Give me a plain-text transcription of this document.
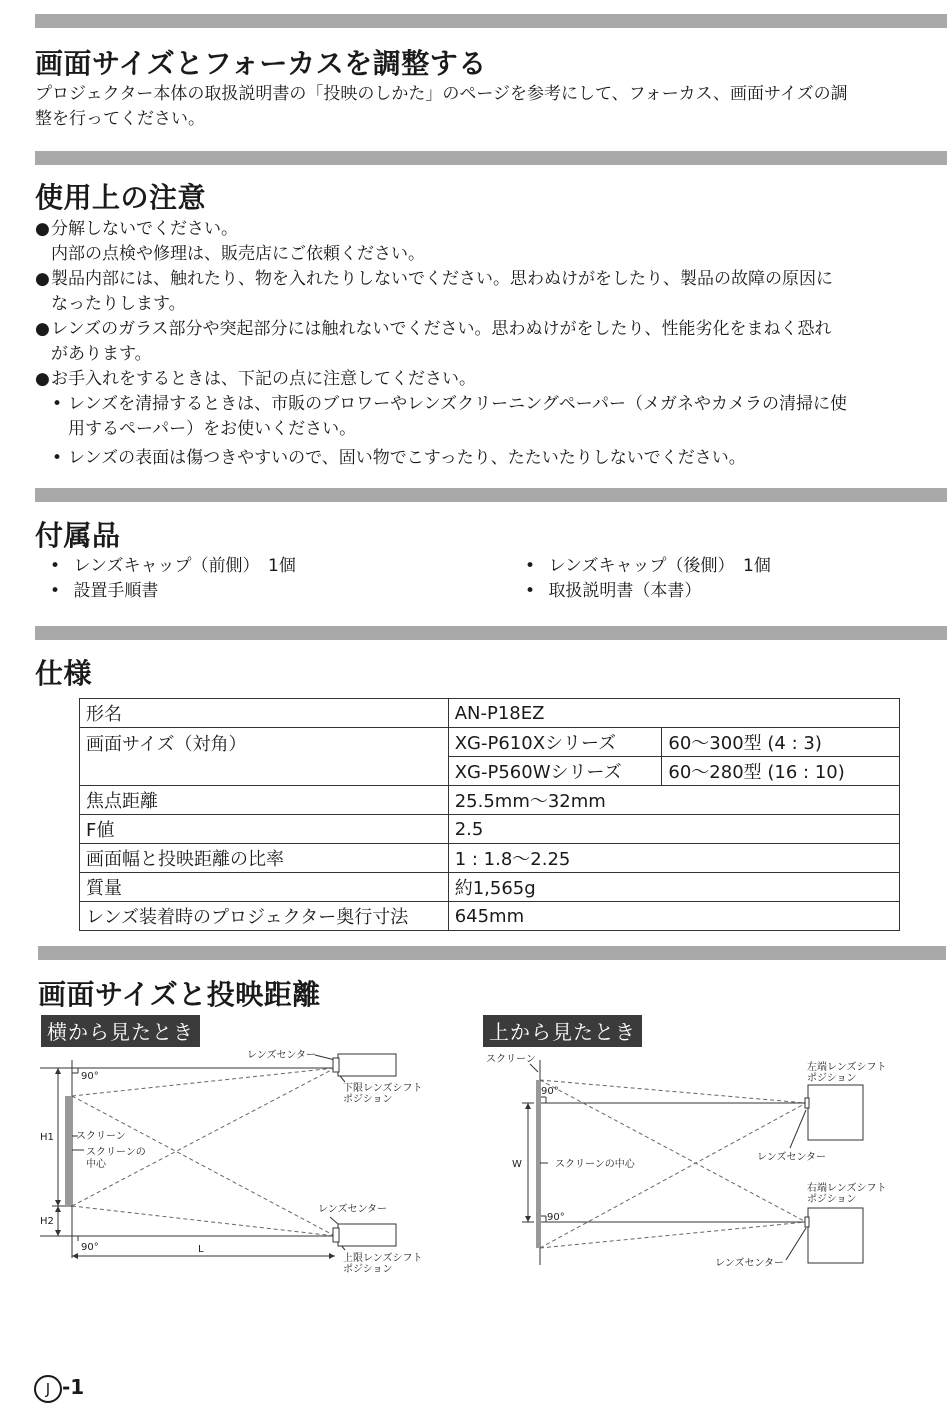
画面サイズとフォーカスを調整する

プロジェクター本体の取扱説明書の「投映のしかた」のページを参考にして、フォーカス、画面サイズの調

整を行ってください。

使用上の注意
● 分解しないでください。
内部の点検や修理は、販売店にご依頼ください。
● 製品内部には、触れたり、物を入れたりしないでください。思わぬけがをしたり、製品の故障の原因に
なったりします。
● レンズのガラス部分や突起部分には触れないでください。思わぬけがをしたり、性能劣化をまねく恐れ
があります。
● お手入れをするときは、下記の点に注意してください。
• レンズを清掃するときは、市販のブロワーやレンズクリーニングペーパー（メガネやカメラの清掃に使
用するペーパー）をお使いください。
• レンズの表面は傷つきやすいので、固い物でこすったり、たたいたりしないでください。
付属品
• レンズキャップ（前側）　1個	• レンズキャップ（後側）　1個
• 設置手順書	• 取扱説明書（本書）
仕様
形名	AN-P18EZ	
画面サイズ（対角）	XG-P610Xシリーズ	60〜300型 (4 : 3)
	XG-P560Wシリーズ	60〜280型 (16 : 10)
焦点距離	25.5mm〜32mm	
F値	2.5	
画面幅と投映距離の比率	1 : 1.8〜2.25	
質量	約1,565g	
レンズ装着時のプロジェクター奥行寸法	645mm	
画面サイズと投映距離
横から見たとき	上から見たとき
レンズセンター
下限レンズシフト
ポジション
90°
H1 スクリーン
スクリーンの
中心
H2
レンズセンター
90°	L
上限レンズシフト
ポジション
スクリーン
90°
左端レンズシフト
ポジション
W	スクリーンの中心
レンズセンター
右端レンズシフト
ポジション
90°
レンズセンター
J -1
